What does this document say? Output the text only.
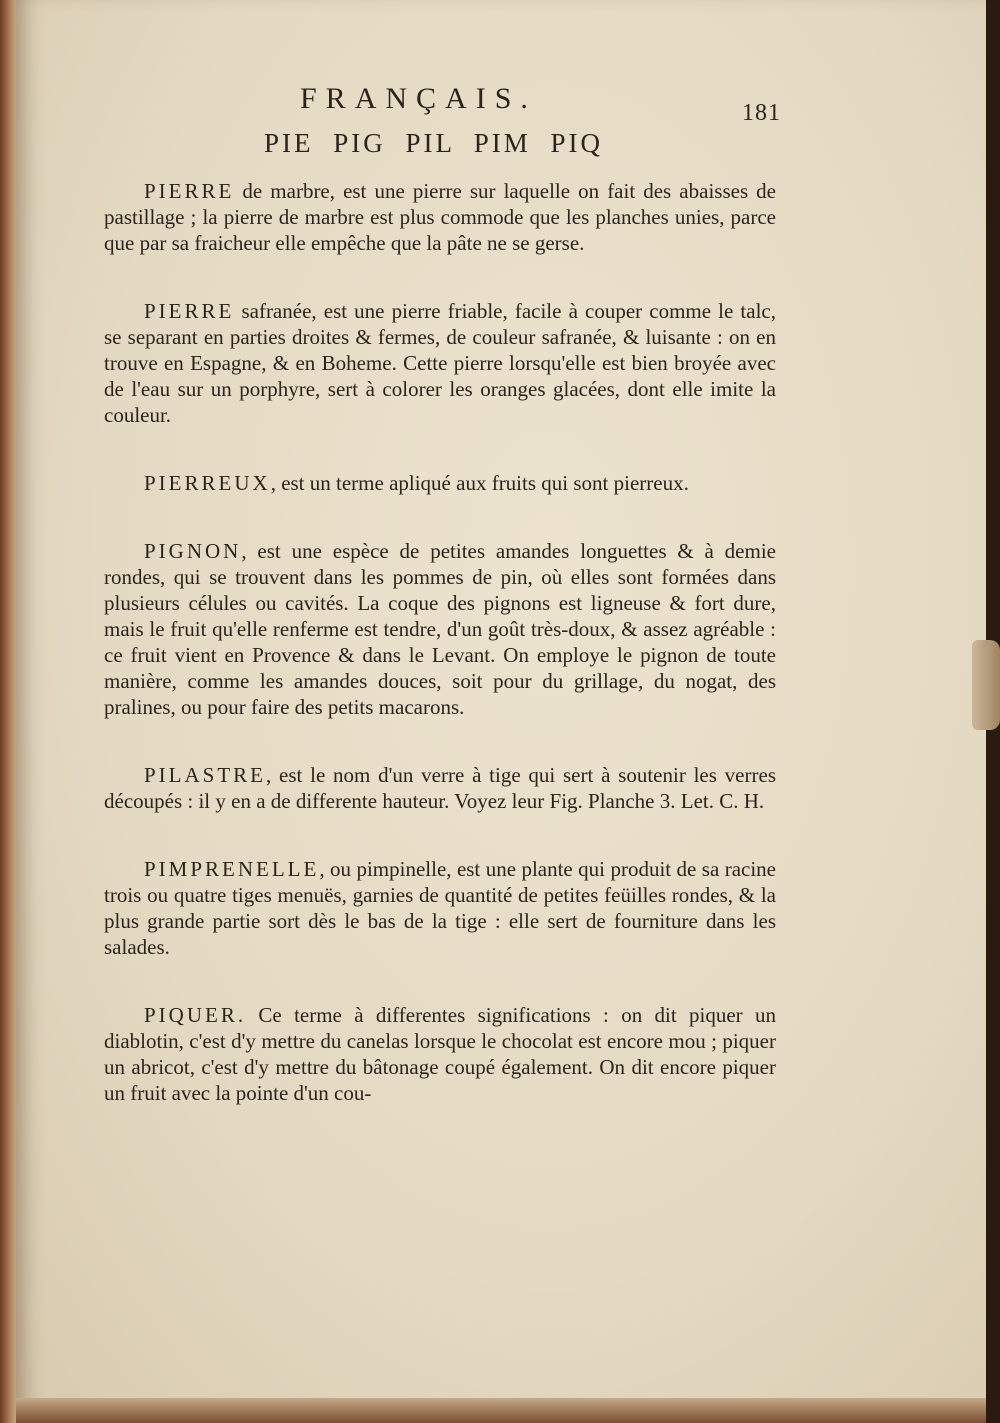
FRANÇAIS.	181
PIE PIG PIL PIM PIQ

PIERRE de marbre, est une pierre sur laquelle on fait des abaisses de pastillage ; la pierre de marbre est plus commode que les planches unies, parce que par sa fraicheur elle empêche que la pâte ne se gerse.

PIERRE safranée, est une pierre friable, facile à couper comme le talc, se separant en parties droites & fermes, de couleur safranée, & luisante : on en trouve en Espagne, & en Boheme. Cette pierre lorsqu'elle est bien broyée avec de l'eau sur un porphyre, sert à colorer les oranges glacées, dont elle imite la couleur.

PIERREUX, est un terme apliqué aux fruits qui sont pierreux.

PIGNON, est une espèce de petites amandes longuettes & à demie rondes, qui se trouvent dans les pommes de pin, où elles sont formées dans plusieurs célules ou cavités. La coque des pignons est ligneuse & fort dure, mais le fruit qu'elle renferme est tendre, d'un goût très-doux, & assez agréable : ce fruit vient en Provence & dans le Levant. On employe le pignon de toute manière, comme les amandes douces, soit pour du grillage, du nogat, des pralines, ou pour faire des petits macarons.

PILASTRE, est le nom d'un verre à tige qui sert à soutenir les verres découpés : il y en a de differente hauteur. Voyez leur Fig. Planche 3. Let. C. H.

PIMPRENELLE, ou pimpinelle, est une plante qui produit de sa racine trois ou quatre tiges menuës, garnies de quantité de petites feüilles rondes, & la plus grande partie sort dès le bas de la tige : elle sert de fourniture dans les salades.

PIQUER. Ce terme à differentes significations : on dit piquer un diablotin, c'est d'y mettre du canelas lorsque le chocolat est encore mou ; piquer un abricot, c'est d'y mettre du bâtonage coupé également. On dit encore piquer un fruit avec la pointe d'un cou-
